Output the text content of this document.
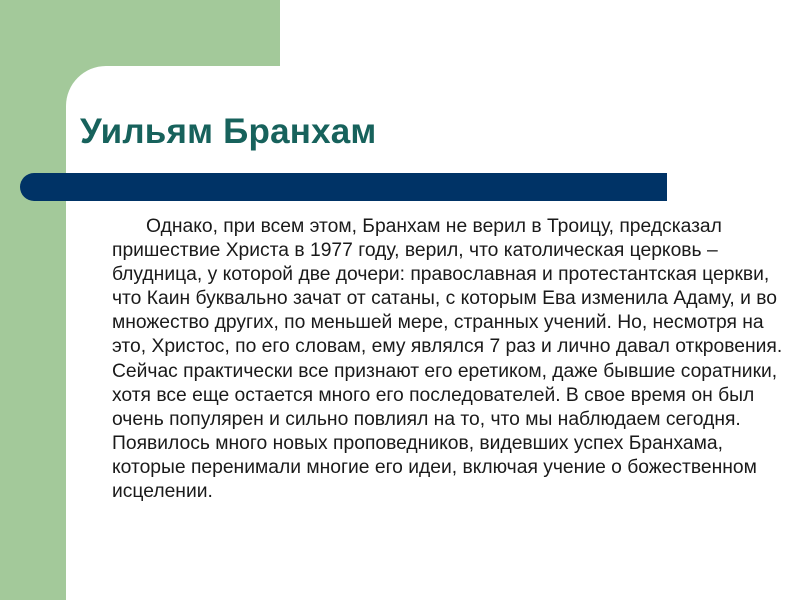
Уильям Бранхам

Однако, при всем этом, Бранхам не верил в Троицу, предсказал пришествие Христа в 1977 году, верил, что католическая церковь – блудница, у которой две дочери: православная и протестантская церкви, что Каин буквально зачат от сатаны, с которым Ева изменила Адаму, и во множество других, по меньшей мере, странных учений. Но, несмотря на это, Христос, по его словам, ему являлся 7 раз и лично давал откровения. Сейчас практически все признают его еретиком, даже бывшие соратники, хотя все еще остается много его последователей. В свое время он был очень популярен и сильно повлиял на то, что мы наблюдаем сегодня. Появилось много новых проповедников, видевших успех Бранхама, которые перенимали многие его идеи, включая учение о божественном исцелении.
